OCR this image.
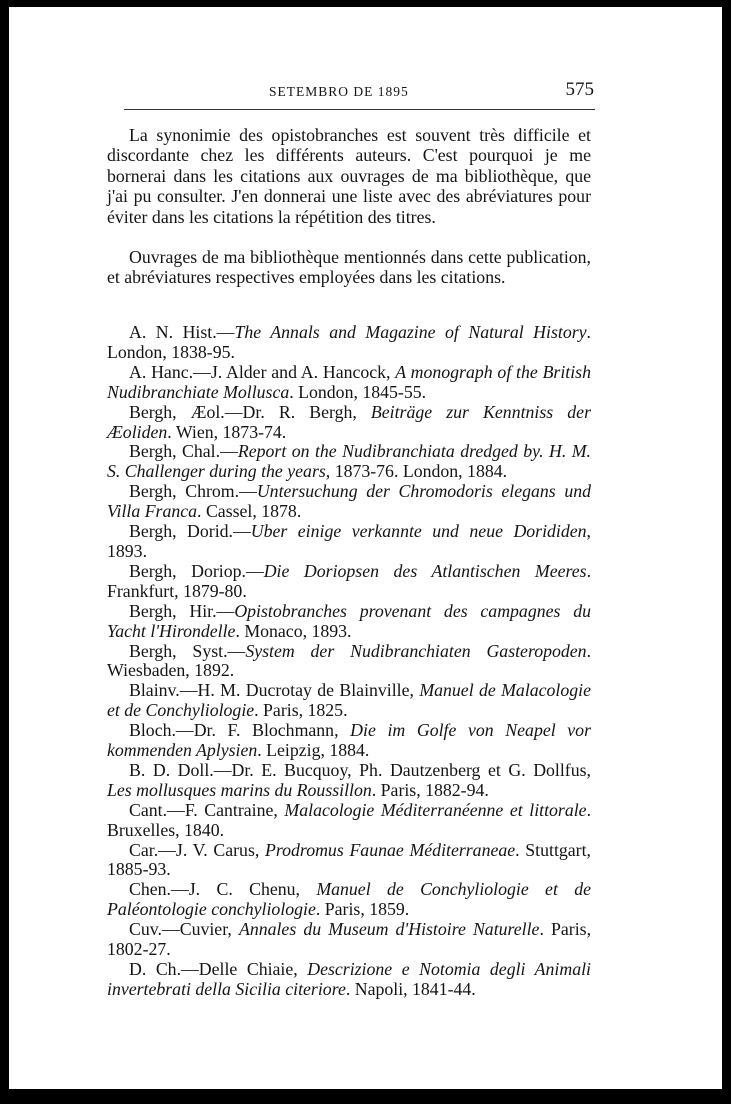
SETEMBRO DE 1895	575

La synonimie des opistobranches est souvent très difficile et discordante chez les différents auteurs. C'est pourquoi je me bornerai dans les citations aux ouvrages de ma bibliothèque, que j'ai pu consulter. J'en donnerai une liste avec des abréviatures pour éviter dans les citations la répétition des titres.

Ouvrages de ma bibliothèque mentionnés dans cette publication, et abréviatures respectives employées dans les citations.

A. N. Hist.—The Annals and Magazine of Natural History. London, 1838-95.

A. Hanc.—J. Alder and A. Hancock, A monograph of the British Nudibranchiate Mollusca. London, 1845-55.

Bergh, Æol.—Dr. R. Bergh, Beiträge zur Kenntniss der Æoliden. Wien, 1873-74.

Bergh, Chal.—Report on the Nudibranchiata dredged by. H. M. S. Challenger during the years, 1873-76. London, 1884.

Bergh, Chrom.—Untersuchung der Chromodoris elegans und Villa Franca. Cassel, 1878.

Bergh, Dorid.—Uber einige verkannte und neue Dorididen, 1893.

Bergh, Doriop.—Die Doriopsen des Atlantischen Meeres. Frankfurt, 1879-80.

Bergh, Hir.—Opistobranches provenant des campagnes du Yacht l'Hirondelle. Monaco, 1893.

Bergh, Syst.—System der Nudibranchiaten Gasteropoden. Wiesbaden, 1892.

Blainv.—H. M. Ducrotay de Blainville, Manuel de Malacologie et de Conchyliologie. Paris, 1825.

Bloch.—Dr. F. Blochmann, Die im Golfe von Neapel vor kommenden Aplysien. Leipzig, 1884.

B. D. Doll.—Dr. E. Bucquoy, Ph. Dautzenberg et G. Dollfus, Les mollusques marins du Roussillon. Paris, 1882-94.

Cant.—F. Cantraine, Malacologie Méditerranéenne et littorale. Bruxelles, 1840.

Car.—J. V. Carus, Prodromus Faunae Méditerraneae. Stuttgart, 1885-93.

Chen.—J. C. Chenu, Manuel de Conchyliologie et de Paléontologie conchyliologie. Paris, 1859.

Cuv.—Cuvier, Annales du Museum d'Histoire Naturelle. Paris, 1802-27.

D. Ch.—Delle Chiaie, Descrizione e Notomia degli Animali invertebrati della Sicilia citeriore. Napoli, 1841-44.
